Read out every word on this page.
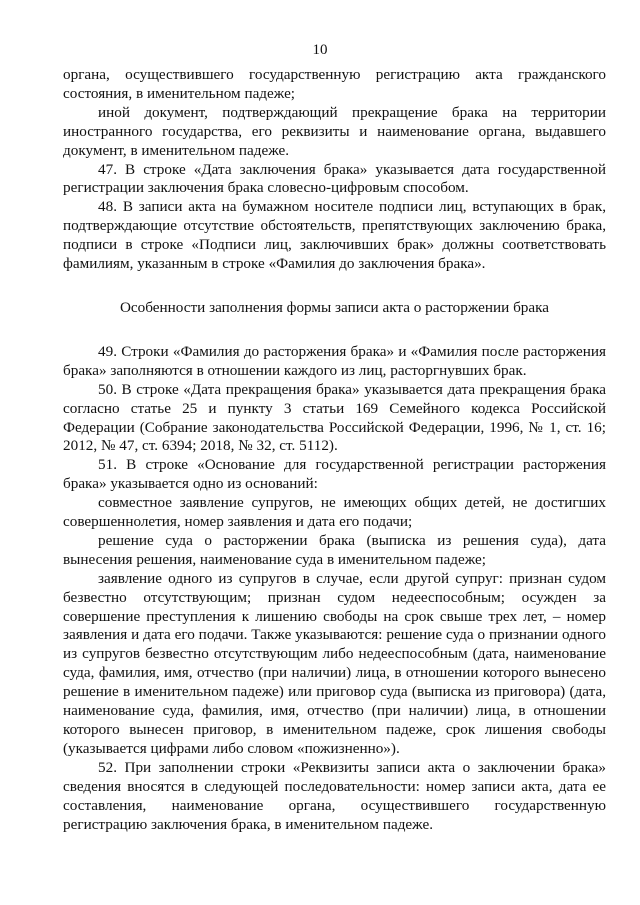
10

органа, осуществившего государственную регистрацию акта гражданского состояния, в именительном падеже;

иной документ, подтверждающий прекращение брака на территории иностранного государства, его реквизиты и наименование органа, выдавшего документ, в именительном падеже.

47. В строке «Дата заключения брака» указывается дата государственной регистрации заключения брака словесно-цифровым способом.

48. В записи акта на бумажном носителе подписи лиц, вступающих в брак, подтверждающие отсутствие обстоятельств, препятствующих заключению брака, подписи в строке «Подписи лиц, заключивших брак» должны соответствовать фамилиям, указанным в строке «Фамилия до заключения брака».

Особенности заполнения формы записи акта о расторжении брака

49. Строки «Фамилия до расторжения брака» и «Фамилия после расторжения брака» заполняются в отношении каждого из лиц, расторгнувших брак.

50. В строке «Дата прекращения брака» указывается дата прекращения брака согласно статье 25 и пункту 3 статьи 169 Семейного кодекса Российской Федерации (Собрание законодательства Российской Федерации, 1996, № 1, ст. 16; 2012, № 47, ст. 6394; 2018, № 32, ст. 5112).

51. В строке «Основание для государственной регистрации расторжения брака» указывается одно из оснований:

совместное заявление супругов, не имеющих общих детей, не достигших совершеннолетия, номер заявления и дата его подачи;

решение суда о расторжении брака (выписка из решения суда), дата вынесения решения, наименование суда в именительном падеже;

заявление одного из супругов в случае, если другой супруг: признан судом безвестно отсутствующим; признан судом недееспособным; осужден за совершение преступления к лишению свободы на срок свыше трех лет, – номер заявления и дата его подачи. Также указываются: решение суда о признании одного из супругов безвестно отсутствующим либо недееспособным (дата, наименование суда, фамилия, имя, отчество (при наличии) лица, в отношении которого вынесено решение в именительном падеже) или приговор суда (выписка из приговора) (дата, наименование суда, фамилия, имя, отчество (при наличии) лица, в отношении которого вынесен приговор, в именительном падеже, срок лишения свободы (указывается цифрами либо словом «пожизненно»).

52. При заполнении строки «Реквизиты записи акта о заключении брака» сведения вносятся в следующей последовательности: номер записи акта, дата ее составления, наименование органа, осуществившего государственную регистрацию заключения брака, в именительном падеже.
